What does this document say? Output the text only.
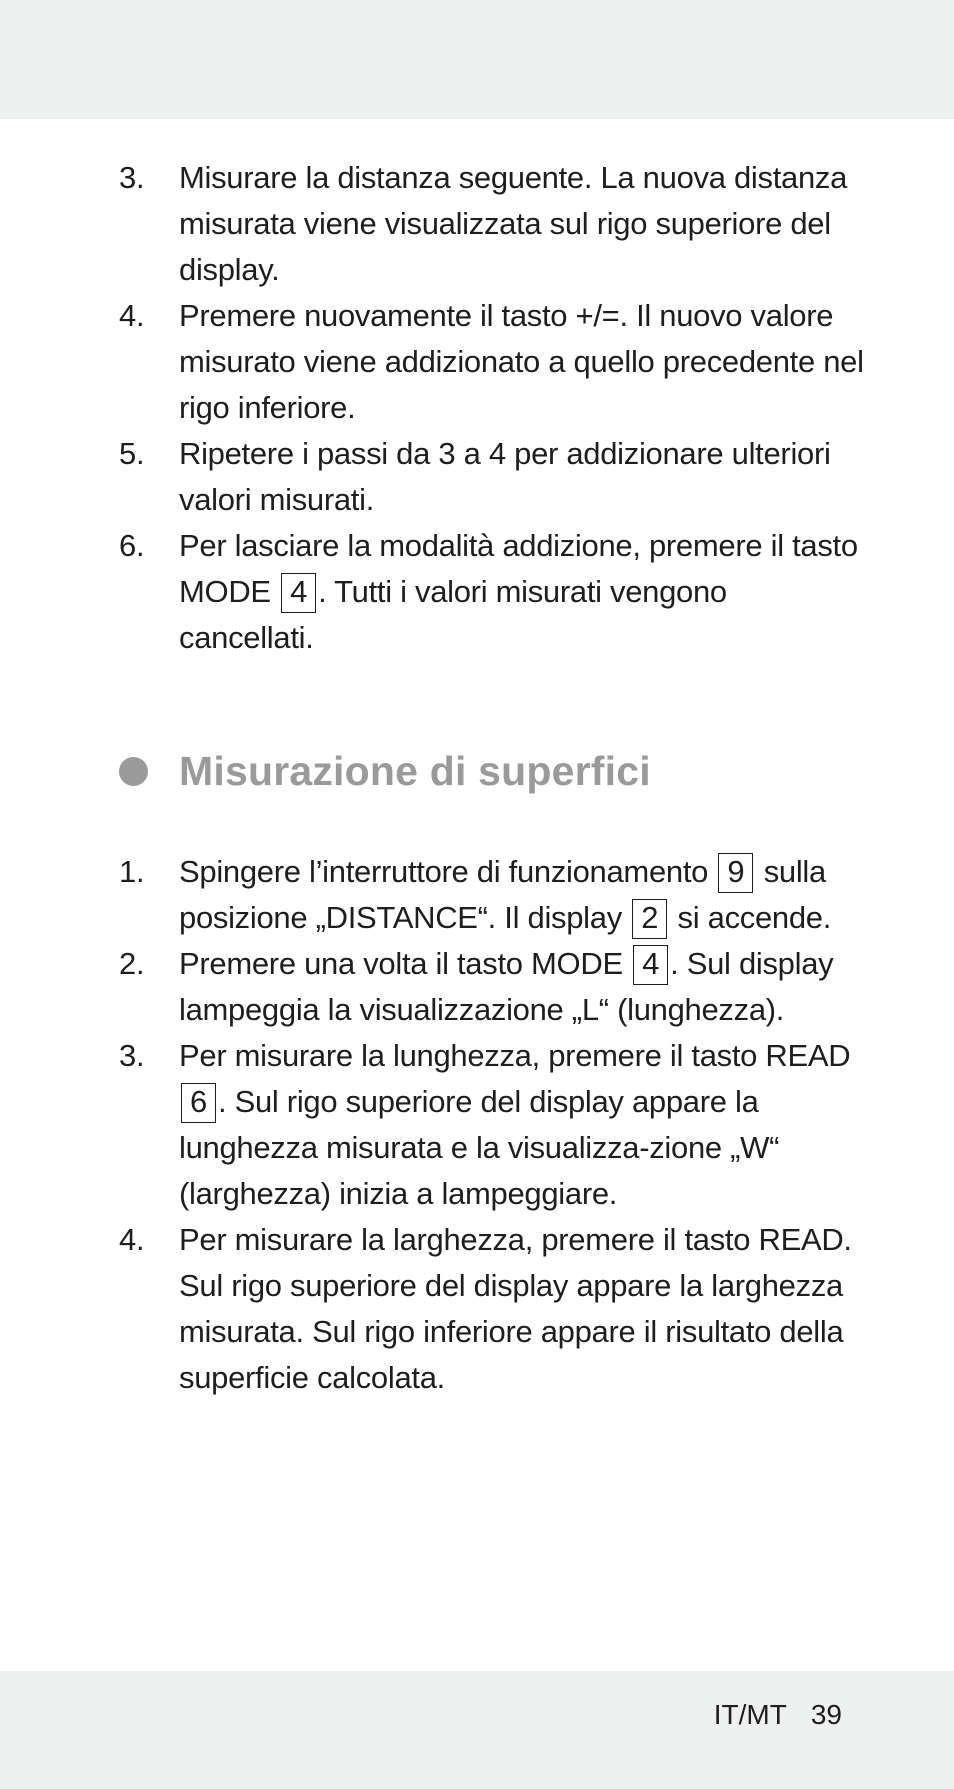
3. Misurare la distanza seguente. La nuova distanza misurata viene visualizzata sul rigo superiore del display.
4. Premere nuovamente il tasto +/=. Il nuovo valore misurato viene addizionato a quello precedente nel rigo inferiore.
5. Ripetere i passi da 3 a 4 per addizionare ulteriori valori misurati.
6. Per lasciare la modalità addizione, premere il tasto MODE 4 . Tutti i valori misurati vengono cancellati.
Misurazione di superfici
1. Spingere l’interruttore di funzionamento 9 sulla posizione „DISTANCE“. Il display 2 si accende.
2. Premere una volta il tasto MODE 4 . Sul display lampeggia la visualizzazione „L“ (lunghezza).
3. Per misurare la lunghezza, premere il tasto READ 6 . Sul rigo superiore del display appare la lunghezza misurata e la visualizza-zione „W“ (larghezza) inizia a lampeggiare.
4. Per misurare la larghezza, premere il tasto READ. Sul rigo superiore del display appare la larghezza misurata. Sul rigo inferiore appare il risultato della superficie calcolata.
IT/MT 39
